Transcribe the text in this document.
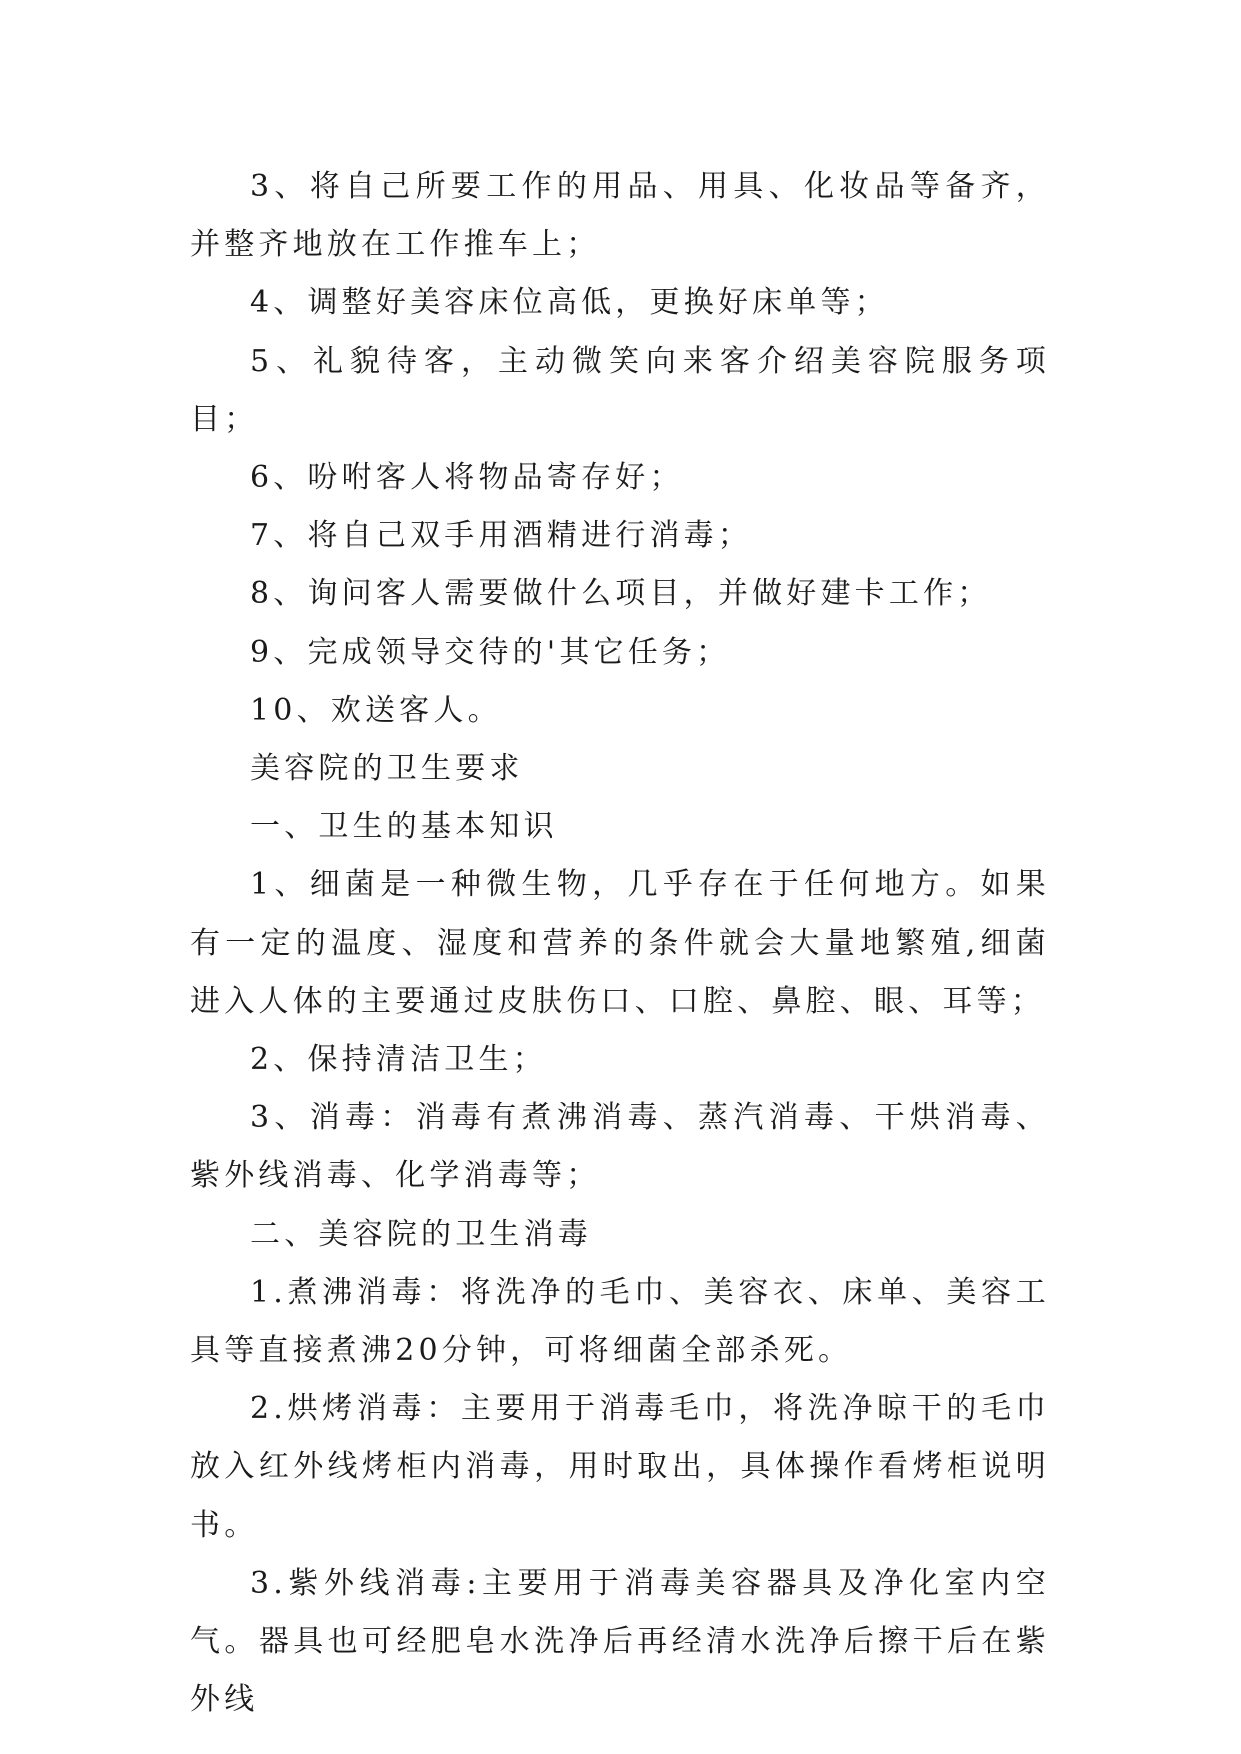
3、将自己所要工作的用品、用具、化妆品等备齐，并整齐地放在工作推车上；

4、调整好美容床位高低，更换好床单等；

5、礼貌待客，主动微笑向来客介绍美容院服务项目；

6、吩咐客人将物品寄存好；

7、将自己双手用酒精进行消毒；

8、询问客人需要做什么项目，并做好建卡工作；

9、完成领导交待的'其它任务；

10、欢送客人。

美容院的卫生要求

一、卫生的基本知识

1、细菌是一种微生物，几乎存在于任何地方。如果有一定的温度、湿度和营养的条件就会大量地繁殖,细菌进入人体的主要通过皮肤伤口、口腔、鼻腔、眼、耳等；

2、保持清洁卫生；

3、消毒：消毒有煮沸消毒、蒸汽消毒、干烘消毒、紫外线消毒、化学消毒等；

二、美容院的卫生消毒

1.煮沸消毒：将洗净的毛巾、美容衣、床单、美容工具等直接煮沸20分钟，可将细菌全部杀死。

2.烘烤消毒：主要用于消毒毛巾，将洗净晾干的毛巾放入红外线烤柜内消毒，用时取出，具体操作看烤柜说明书。

3.紫外线消毒:主要用于消毒美容器具及净化室内空气。器具也可经肥皂水洗净后再经清水洗净后擦干后在紫外线
